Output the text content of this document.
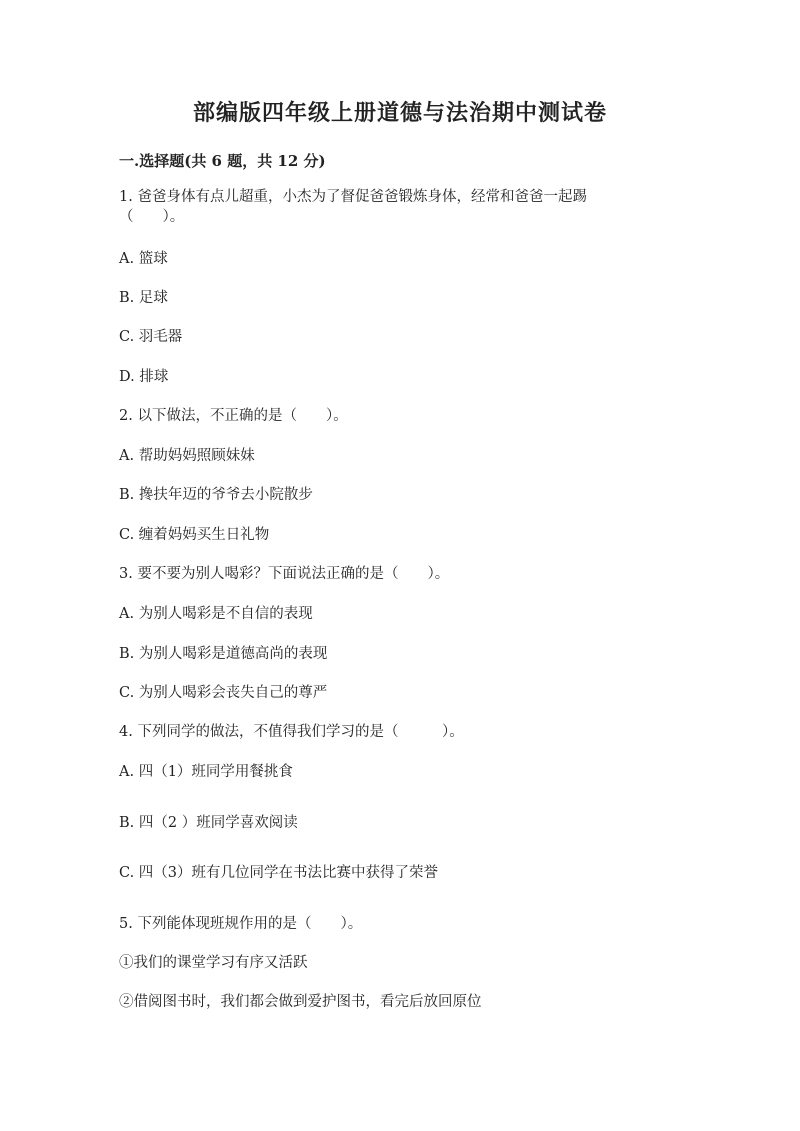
部编版四年级上册道德与法治期中测试卷
一.选择题(共 6 题，共 12 分)
1. 爸爸身体有点儿超重，小杰为了督促爸爸锻炼身体，经常和爸爸一起踢（　　）。
A. 篮球
B. 足球
C. 羽毛器
D. 排球
2. 以下做法，不正确的是（　　）。
A. 帮助妈妈照顾妹妹
B. 搀扶年迈的爷爷去小院散步
C. 缠着妈妈买生日礼物
3. 要不要为别人喝彩？下面说法正确的是（　　）。
A. 为别人喝彩是不自信的表现
B. 为别人喝彩是道德高尚的表现
C. 为别人喝彩会丧失自己的尊严
4. 下列同学的做法，不值得我们学习的是（　　　）。
A. 四（1）班同学用餐挑食
B. 四（2 ）班同学喜欢阅读
C. 四（3）班有几位同学在书法比赛中获得了荣誉
5. 下列能体现班规作用的是（　　）。
①我们的课堂学习有序又活跃
②借阅图书时，我们都会做到爱护图书，看完后放回原位
